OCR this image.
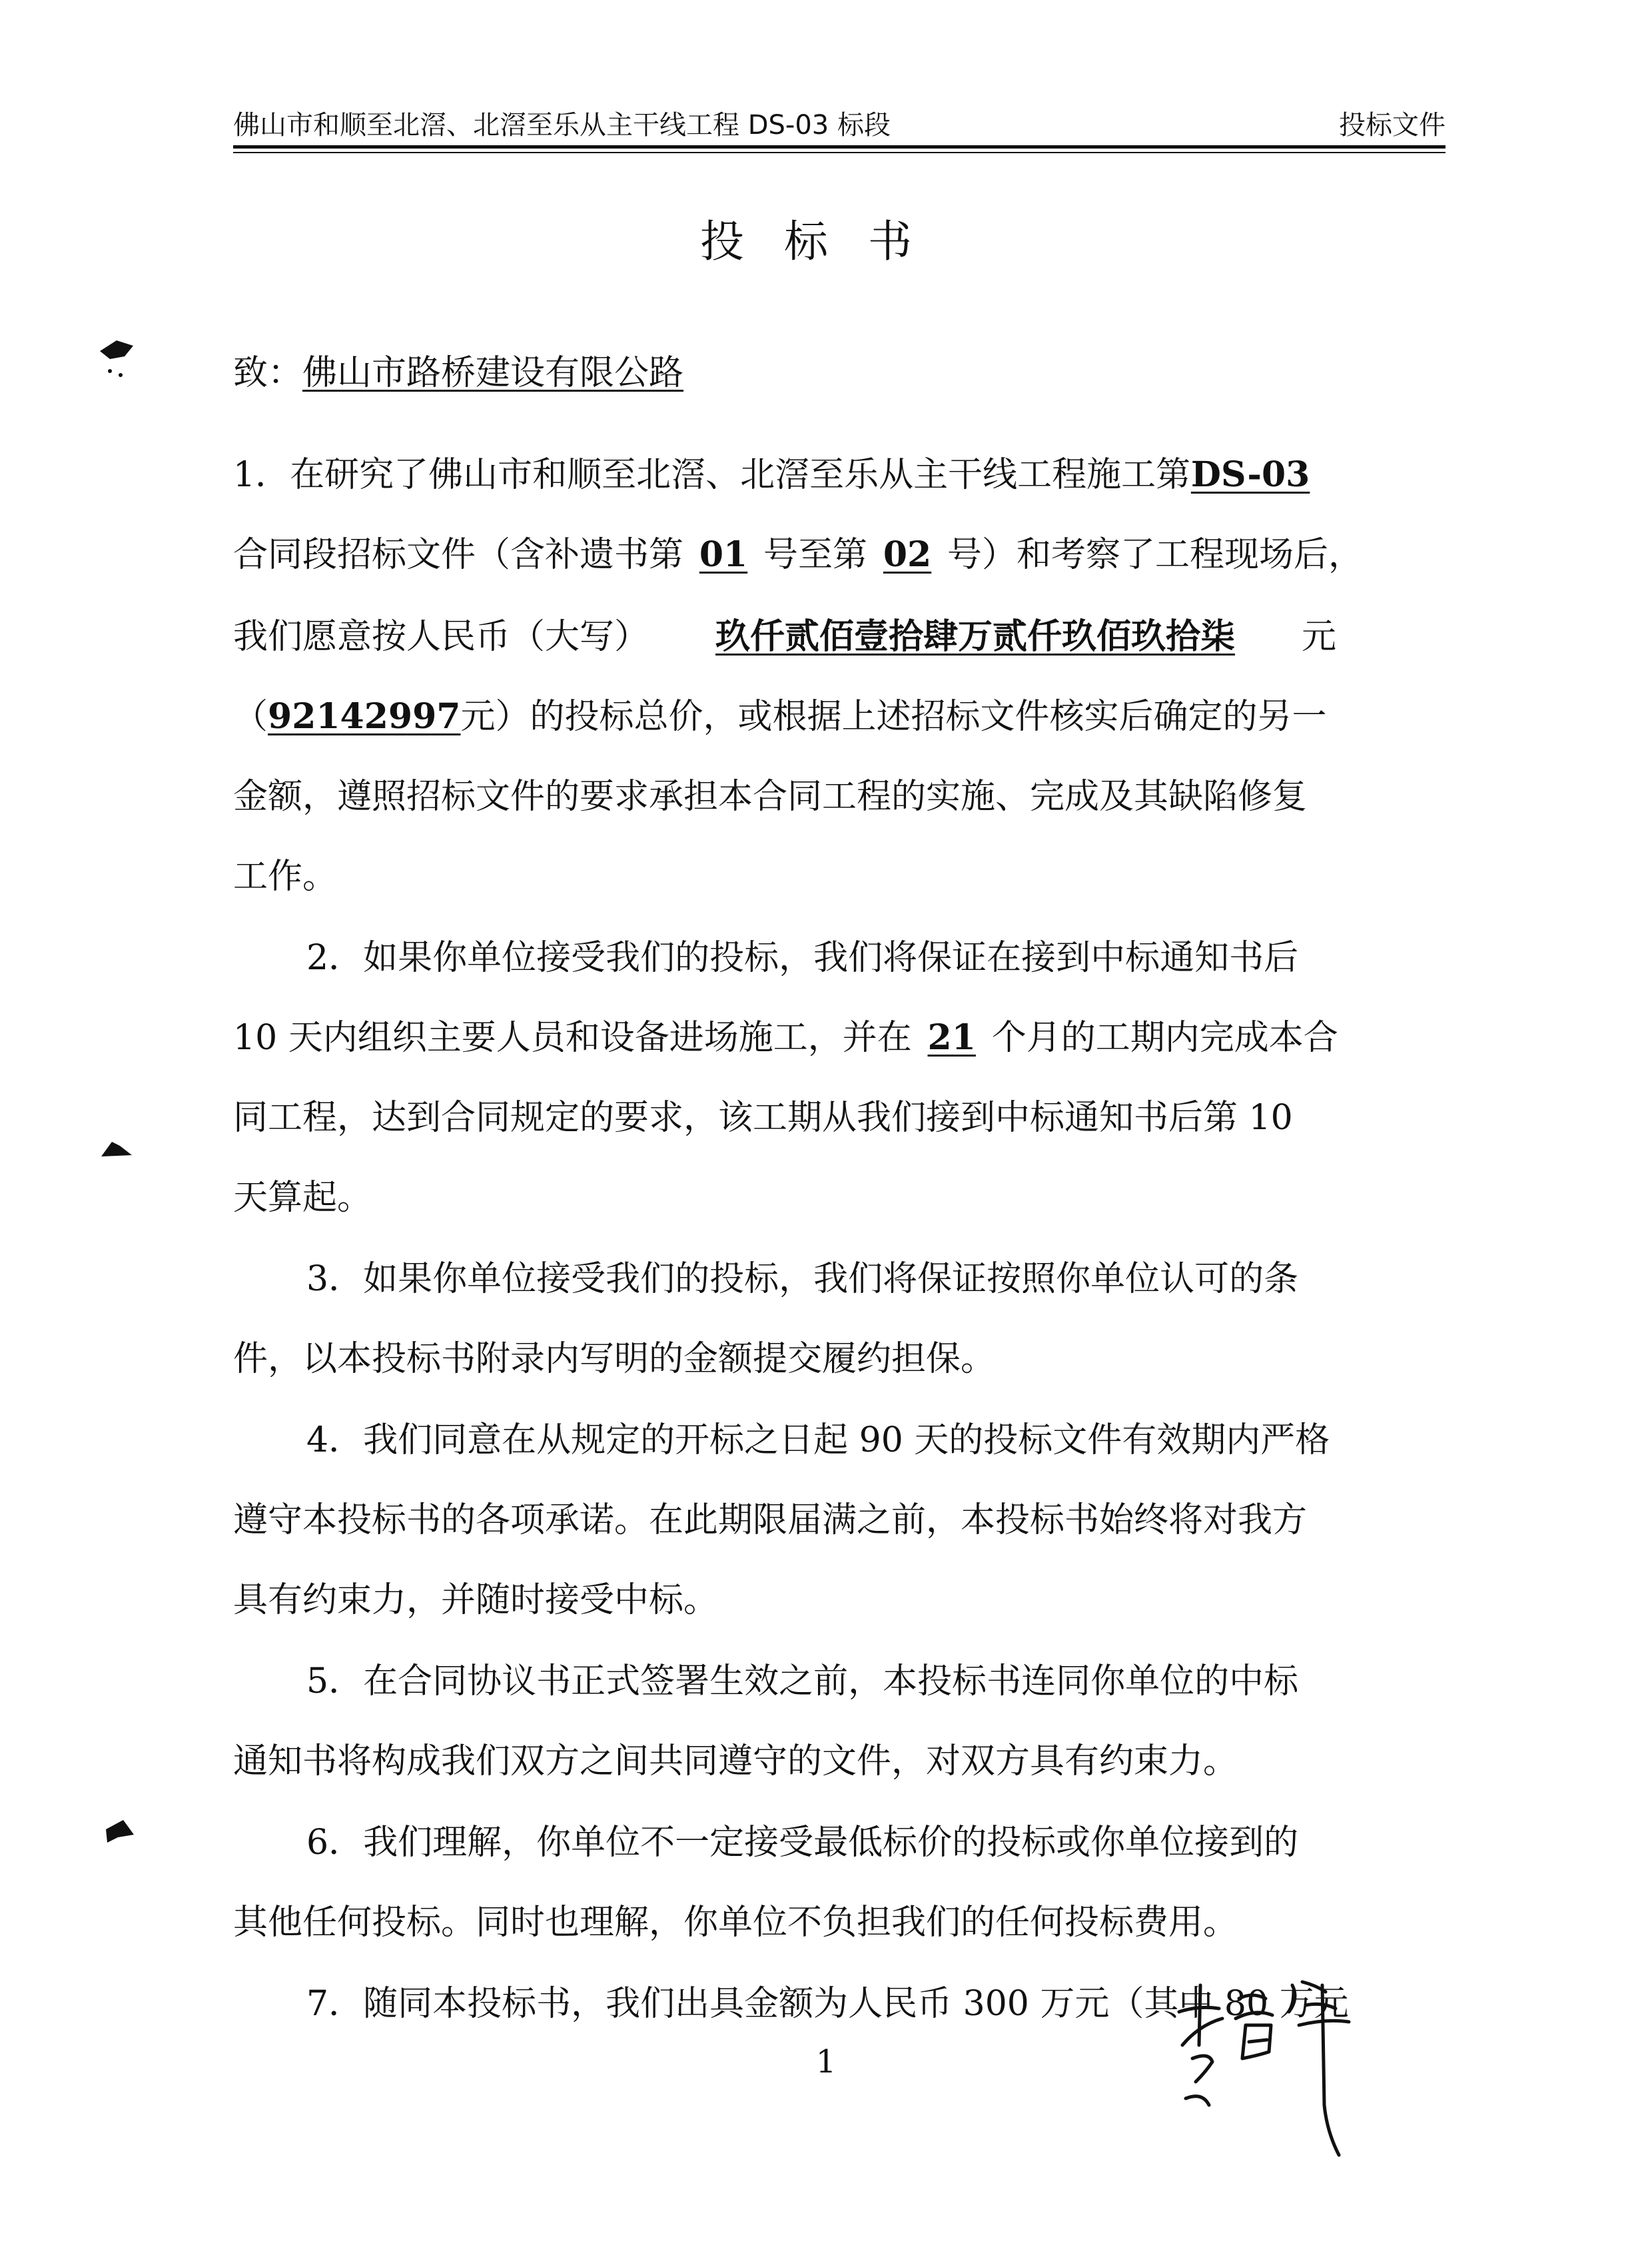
佛山市和顺至北滘、北滘至乐从主干线工程 DS-03 标段	投标文件
投标书
致：佛山市路桥建设有限公路
1．在研究了佛山市和顺至北滘、北滘至乐从主干线工程施工第DS-03
合同段招标文件（含补遗书第 01 号至第 02 号）和考察了工程现场后，
我们愿意按人民币（大写） 玖仟贰佰壹拾肆万贰仟玖佰玖拾柒 元
（92142997元）的投标总价，或根据上述招标文件核实后确定的另一
金额，遵照招标文件的要求承担本合同工程的实施、完成及其缺陷修复
工作。
2．如果你单位接受我们的投标，我们将保证在接到中标通知书后
10 天内组织主要人员和设备进场施工，并在 21 个月的工期内完成本合
同工程，达到合同规定的要求，该工期从我们接到中标通知书后第 10
天算起。
3．如果你单位接受我们的投标，我们将保证按照你单位认可的条
件，以本投标书附录内写明的金额提交履约担保。
4．我们同意在从规定的开标之日起 90 天的投标文件有效期内严格
遵守本投标书的各项承诺。在此期限届满之前，本投标书始终将对我方
具有约束力，并随时接受中标。
5．在合同协议书正式签署生效之前，本投标书连同你单位的中标
通知书将构成我们双方之间共同遵守的文件，对双方具有约束力。
6．我们理解，你单位不一定接受最低标价的投标或你单位接到的
其他任何投标。同时也理解，你单位不负担我们的任何投标费用。
7．随同本投标书，我们出具金额为人民币 300 万元（其中 80 万元
1
